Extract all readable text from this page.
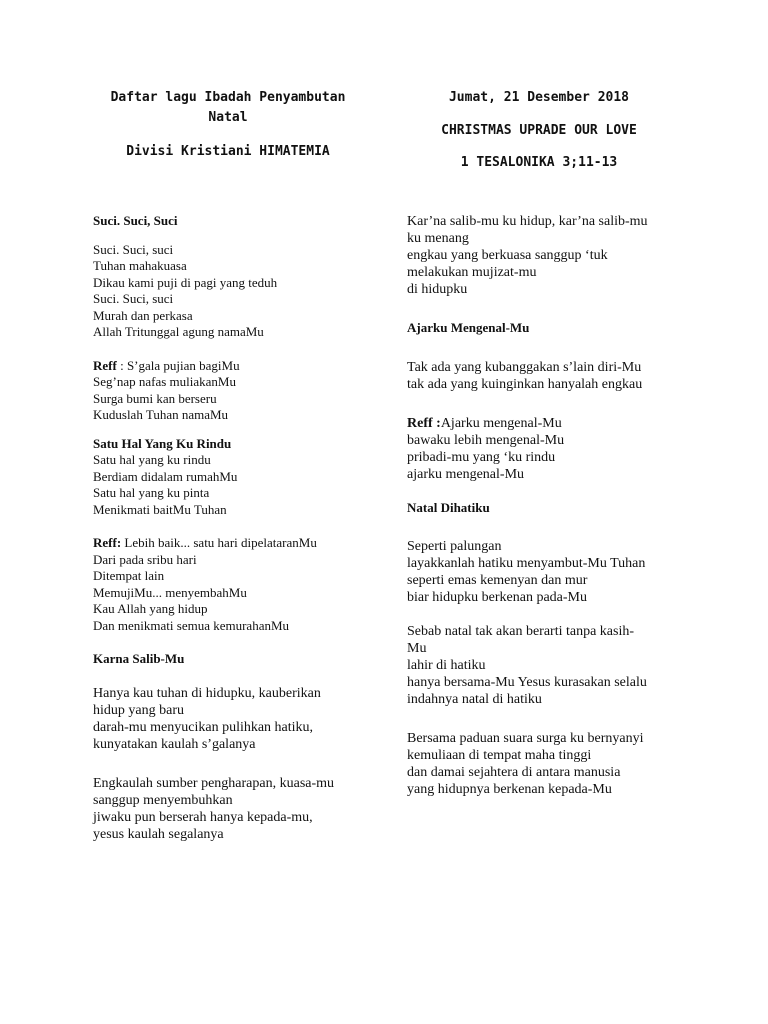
Daftar lagu Ibadah Penyambutan
Natal
Divisi Kristiani HIMATEMIA
Jumat, 21 Desember 2018
CHRISTMAS UPRADE OUR LOVE
1 TESALONIKA 3;11-13

Suci. Suci, Suci

Suci. Suci, suci
Tuhan mahakuasa
Dikau kami puji di pagi yang teduh
Suci. Suci, suci
Murah dan perkasa
Allah Tritunggal agung namaMu
Reff : S’gala pujian bagiMu
Seg’nap nafas muliakanMu
Surga bumi kan berseru
Kuduslah Tuhan namaMu

Satu Hal Yang Ku Rindu

Satu hal yang ku rindu
Berdiam didalam rumahMu
Satu hal yang ku pinta
Menikmati baitMu Tuhan
Reff: Lebih baik... satu hari dipelataranMu
Dari pada sribu hari
Ditempat lain
MemujiMu... menyembahMu
Kau Allah yang hidup
Dan menikmati semua kemurahanMu

Karna Salib-Mu

Hanya kau tuhan di hidupku, kauberikan
hidup yang baru
darah-mu menyucikan pulihkan hatiku,
kunyatakan kaulah s’galanya
Engkaulah sumber pengharapan, kuasa-mu
sanggup menyembuhkan
jiwaku pun berserah hanya kepada-mu,
yesus kaulah segalanya
Kar’na salib-mu ku hidup, kar’na salib-mu
ku menang
engkau yang berkuasa sanggup ‘tuk
melakukan mujizat-mu
di hidupku

Ajarku Mengenal-Mu

Tak ada yang kubanggakan s’lain diri-Mu
tak ada yang kuinginkan hanyalah engkau
Reff :Ajarku mengenal-Mu
bawaku lebih mengenal-Mu
pribadi-mu yang ‘ku rindu
ajarku mengenal-Mu

Natal Dihatiku

Seperti palungan
layakkanlah hatiku menyambut-Mu Tuhan
seperti emas kemenyan dan mur
biar hidupku berkenan pada-Mu
Sebab natal tak akan berarti tanpa kasih-
Mu
lahir di hatiku
hanya bersama-Mu Yesus kurasakan selalu
indahnya natal di hatiku
Bersama paduan suara surga ku bernyanyi
kemuliaan di tempat maha tinggi
dan damai sejahtera di antara manusia
yang hidupnya berkenan kepada-Mu
